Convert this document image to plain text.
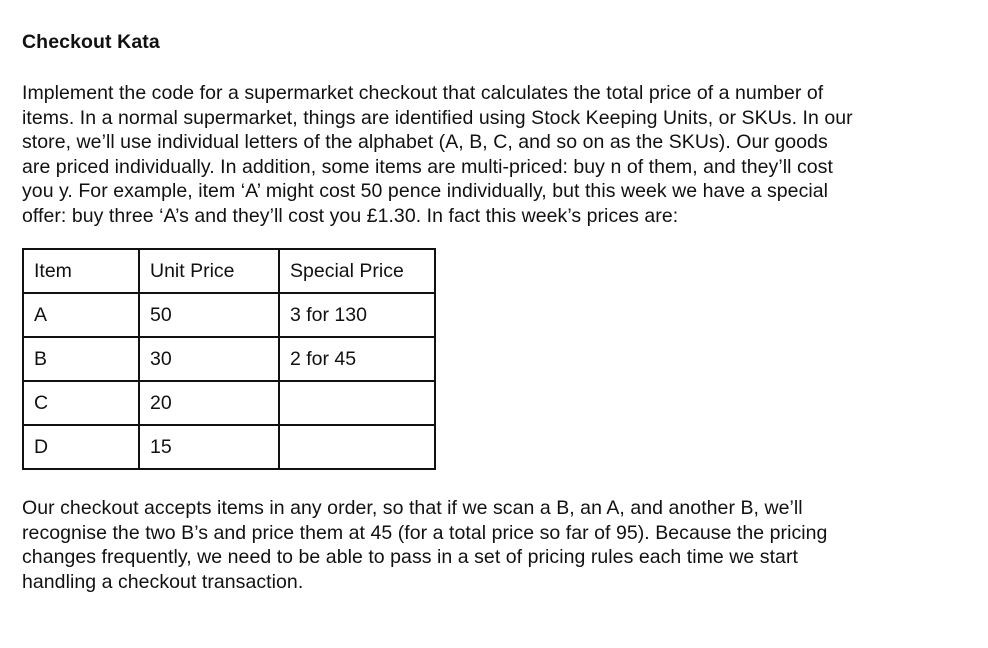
Checkout Kata
Implement the code for a supermarket checkout that calculates the total price of a number of
items. In a normal supermarket, things are identified using Stock Keeping Units, or SKUs. In our
store, we’ll use individual letters of the alphabet (A, B, C, and so on as the SKUs). Our goods
are priced individually. In addition, some items are multi-priced: buy n of them, and they’ll cost
you y. For example, item ‘A’ might cost 50 pence individually, but this week we have a special
offer: buy three ‘A’s and they’ll cost you £1.30. In fact this week’s prices are:
Item	Unit Price	Special Price
A	50	3 for 130
B	30	2 for 45
C	20	
D	15	
Our checkout accepts items in any order, so that if we scan a B, an A, and another B, we’ll
recognise the two B’s and price them at 45 (for a total price so far of 95). Because the pricing
changes frequently, we need to be able to pass in a set of pricing rules each time we start
handling a checkout transaction.
